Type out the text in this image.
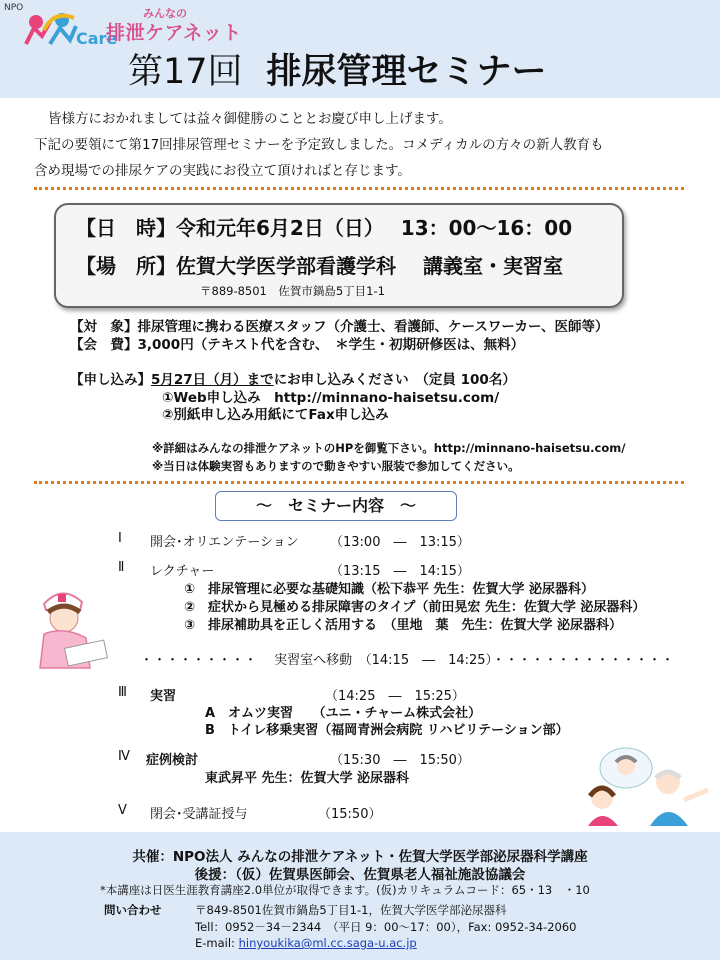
NPO
Care
みんなの
排泄ケアネット
第17回 排尿管理セミナー
皆様方におかれましては益々御健勝のこととお慶び申し上げます。
下記の要領にて第17回排尿管理セミナーを予定致しました。コメディカルの方々の新人教育も
含め現場での排尿ケアの実践にお役立て頂ければと存じます。
【日　時】令和元年6月2日（日）　 13：00〜16：00
【場　所】佐賀大学医学部看護学科　 講義室・実習室
〒889-8501　佐賀市鍋島5丁目1-1
【対　象】排尿管理に携わる医療スタッフ（介護士、看護師、ケースワーカー、医師等）
【会　費】3,000円（テキスト代を含む、　＊学生・初期研修医は、無料）
【申し込み】5月27日（月）までにお申し込みください　（定員 100名）
①Web申し込み　http://minnano-haisetsu.com/
②別紙申し込み用紙にてFax申し込み
※詳細はみんなの排泄ケアネットのHPを御覧下さい。http://minnano-haisetsu.com/
※当日は体験実習もありますので動きやすい服装で参加してください。
〜　セミナー内容　〜
Ⅰ 開会･オリエンテーション （13:00　―　13:15）
Ⅱ レクチャー	（13:15　―　14:15）
①　排尿管理に必要な基礎知識（松下恭平 先生：佐賀大学 泌尿器科）
②　症状から見極める排尿障害のタイプ（前田晃宏 先生：佐賀大学 泌尿器科）
③　排尿補助具を正しく活用する　（里地　葉　先生：佐賀大学 泌尿器科）
・・・・・・・・・　 実習室へ移動　（14:15　―　14:25）・・・・・・・・・・・・・・
Ⅲ 実習	（14:25　―　15:25）
A　オムツ実習　　（ユニ・チャーム株式会社）
B　トイレ移乗実習（福岡青洲会病院 リハビリテーション部）
Ⅳ 症例検討	（15:30　―　15:50）
東武昇平 先生：佐賀大学 泌尿器科
Ⅴ 閉会･受講証授与	（15:50）
共催：NPO法人 みんなの排泄ケアネット・佐賀大学医学部泌尿器科学講座
後援：（仮）佐賀県医師会、佐賀県老人福祉施設協議会
*本講座は日医生涯教育講座2.0単位が取得できます。(仮)カリキュラムコード：65・13　・10
問い合わせ	〒849-8501佐賀市鍋島5丁目1-1，佐賀大学医学部泌尿器科
Tell：0952－34－2344　（平日 9：00〜17：00），Fax: 0952-34-2060
E-mail: hinyoukika@ml.cc.saga-u.ac.jp
